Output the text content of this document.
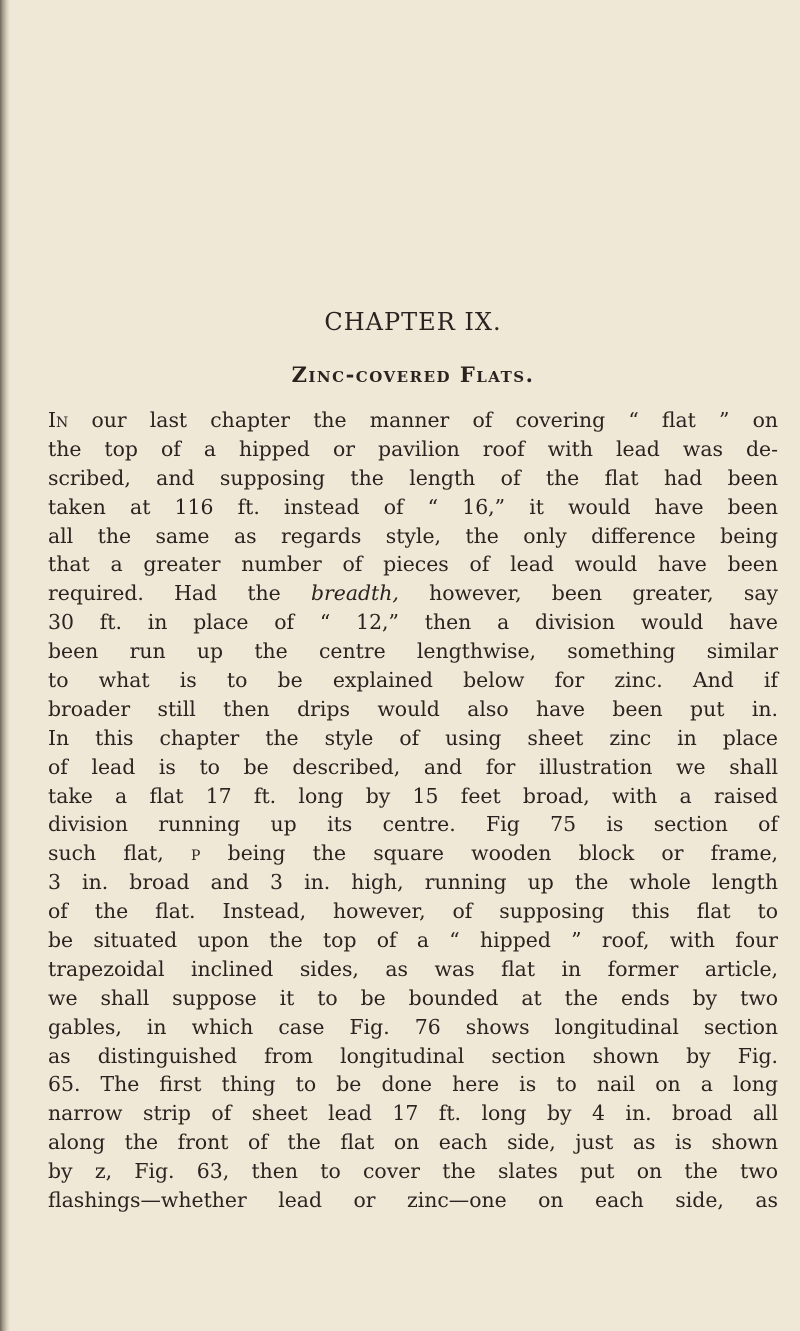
CHAPTER IX.
Zinc-covered Flats.
In our last chapter the manner of covering “ flat ” on
the top of a hipped or pavilion roof with lead was de-
scribed, and supposing the length of the flat had been
taken at 116 ft. instead of “ 16,” it would have been
all the same as regards style, the only difference being
that a greater number of pieces of lead would have been
required. Had the breadth, however, been greater, say
30 ft. in place of “ 12,” then a division would have
been run up the centre lengthwise, something similar
to what is to be explained below for zinc. And if
broader still then drips would also have been put in.
In this chapter the style of using sheet zinc in place
of lead is to be described, and for illustration we shall
take a flat 17 ft. long by 15 feet broad, with a raised
division running up its centre. Fig 75 is section of
such flat, p being the square wooden block or frame,
3 in. broad and 3 in. high, running up the whole length
of the flat. Instead, however, of supposing this flat to
be situated upon the top of a “ hipped ” roof, with four
trapezoidal inclined sides, as was flat in former article,
we shall suppose it to be bounded at the ends by two
gables, in which case Fig. 76 shows longitudinal section
as distinguished from longitudinal section shown by Fig.
65. The first thing to be done here is to nail on a long
narrow strip of sheet lead 17 ft. long by 4 in. broad all
along the front of the flat on each side, just as is shown
by z, Fig. 63, then to cover the slates put on the two
flashings—whether lead or zinc—one on each side, as
